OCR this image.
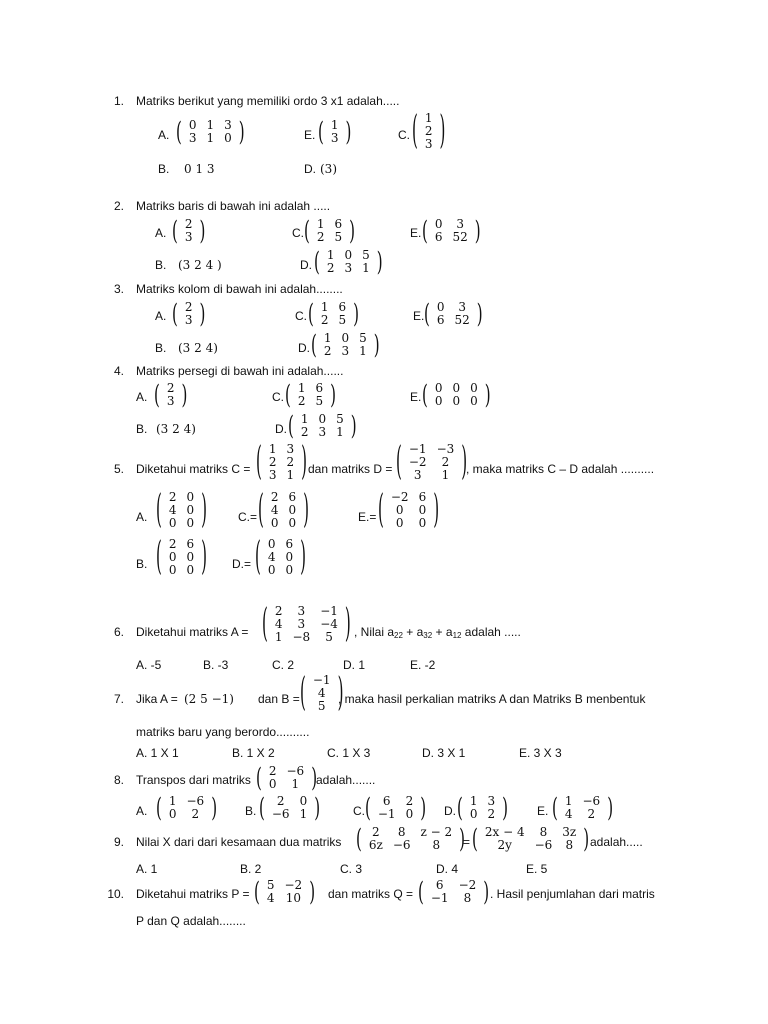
1. Matriks berikut yang memiliki ordo 3 x1 adalah.....
A. ( 0	1	3
3	1	0 )	E. ( 1
3 )	C. ( 1
2
3 )
B. 0 1 3	D. (3)
2. Matriks baris di bawah ini adalah .....
A. ( 2
3 )	C. ( 1	6
2	5 )	E. ( 0	3
6	52 )
B. (3 2 4 )	D. ( 1	0	5
2	3	1 )
3. Matriks kolom di bawah ini adalah........
A. ( 2
3 )	C. ( 1	6
2	5 )	E. ( 0	3
6	52 )
B. (3 2 4)	D. ( 1	0	5
2	3	1 )
4. Matriks persegi di bawah ini adalah......
A. ( 2
3 )	C. ( 1	6
2	5 )	E. ( 0	0	0
0	0	0 )
B. (3 2 4)	D. ( 1	0	5
2	3	1 )
5. Diketahui matriks C = ( 1	3
2	2
3	1 ) dan matriks D = ( −1	−3
−2	2
3	1 )
, maka matriks C – D adalah ..........
A. ( 2	0
4	0
0	0 )	C.= ( 2	6
4	0
0	0 )	E.= ( −2	6
0	0
0	0 )
B. ( 2	6
0	0
0	0 ) D.= ( 0	6
4	0
0	0 )
6. Diketahui matriks A = ( 2	3	−1
4	3	−4
1	−8	5 ) , Nilai $a_{22} + a_{32} + a_{12}$ adalah .....
A. -5	B. -3	C. 2	D. 1	E. -2
7. Jika A = (2 5 −1) dan B = ( −1
4
5 )
, maka hasil perkalian matriks A dan Matriks B menbentuk
matriks baru yang berordo..........
A. 1 X 1	B. 1 X 2	C. 1 X 3	D. 3 X 1	E. 3 X 3
8. Transpos dari matriks ( 2	−6
0	1 )
adalah.......
A. ( 1	−6
0	2 ) B. ( 2	0
−6	1 )	C. ( 6	2
−1	0 ) D. ( 1	3
0	2 ) E. ( 1	−6
4	2 )
9. Nilai X dari dari kesamaan dua matriks ( 2	8	z − 2
6z	−6	8 )
= ( 2x − 4	8	3z
2y	−6	8 ) adalah.....
A. 1	B. 2	C. 3	D. 4	E. 5
10. Diketahui matriks P = ( 5	−2
4	10 ) dan matriks Q = ( 6	−2
−1	8 ) . Hasil penjumlahan dari matris
P dan Q adalah........
